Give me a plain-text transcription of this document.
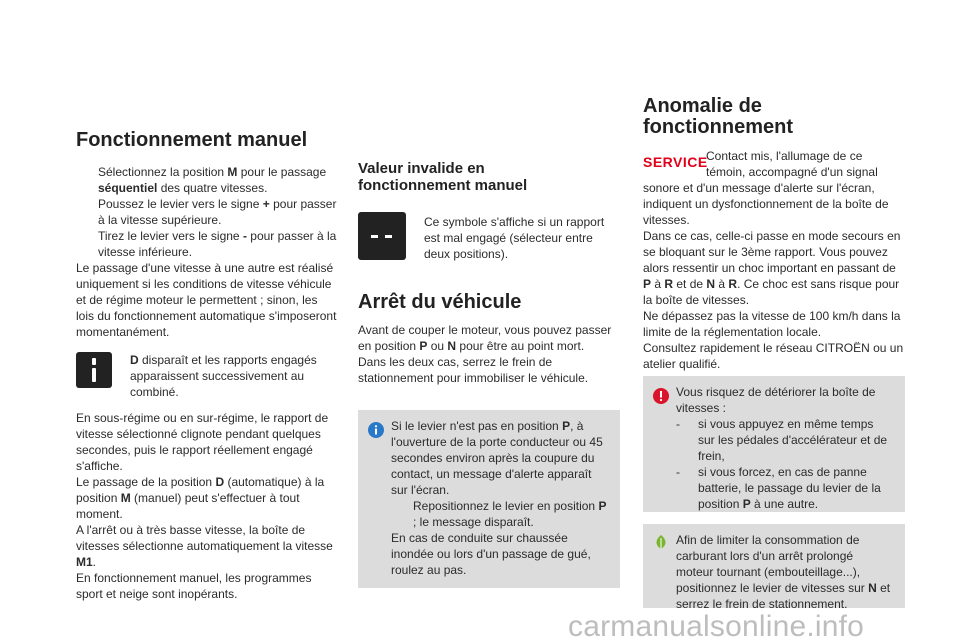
Fonctionnement manuel
Sélectionnez la position M pour le passage séquentiel des quatre vitesses.
Poussez le levier vers le signe + pour passer à la vitesse supérieure.
Tirez le levier vers le signe - pour passer à la vitesse inférieure.

Le passage d'une vitesse à une autre est réalisé uniquement si les conditions de vitesse véhicule et de régime moteur le permettent ; sinon, les lois du fonctionnement automatique s'imposeront momentanément.

D disparaît et les rapports engagés apparaissent successivement au combiné.

En sous-régime ou en sur-régime, le rapport de vitesse sélectionné clignote pendant quelques secondes, puis le rapport réellement engagé s'affiche.

Le passage de la position D (automatique) à la position M (manuel) peut s'effectuer à tout moment.

A l'arrêt ou à très basse vitesse, la boîte de vitesses sélectionne automatiquement la vitesse M1.

En fonctionnement manuel, les programmes sport et neige sont inopérants.

Valeur invalide en
fonctionnement manuel

Ce symbole s'affiche si un rapport est mal engagé (sélecteur entre deux positions).

Arrêt du véhicule

Avant de couper le moteur, vous pouvez passer en position P ou N pour être au point mort.

Dans les deux cas, serrez le frein de stationnement pour immobiliser le véhicule.

Si le levier n'est pas en position P, à l'ouverture de la porte conducteur ou 45 secondes environ après la coupure du contact, un message d'alerte apparaît sur l'écran.

Repositionnez le levier en position P ; le message disparaît.

En cas de conduite sur chaussée inondée ou lors d'un passage de gué, roulez au pas.

Anomalie de
fonctionnement
SERVICE

Contact mis, l'allumage de ce témoin, accompagné d'un signal

sonore et d'un message d'alerte sur l'écran, indiquent un dysfonctionnement de la boîte de vitesses.

Dans ce cas, celle-ci passe en mode secours en se bloquant sur le 3ème rapport. Vous pouvez alors ressentir un choc important en passant de P à R et de N à R. Ce choc est sans risque pour la boîte de vitesses.

Ne dépassez pas la vitesse de 100 km/h dans la limite de la réglementation locale.

Consultez rapidement le réseau CITROËN ou un atelier qualifié.

Vous risquez de détériorer la boîte de vitesses :

-	si vous appuyez en même temps sur les pédales d'accélérateur et de frein,
-	si vous forcez, en cas de panne batterie, le passage du levier de la position P à une autre.

Afin de limiter la consommation de carburant lors d'un arrêt prolongé moteur tournant (embouteillage...), positionnez le levier de vitesses sur N et serrez le frein de stationnement.

carmanualsonline.info
